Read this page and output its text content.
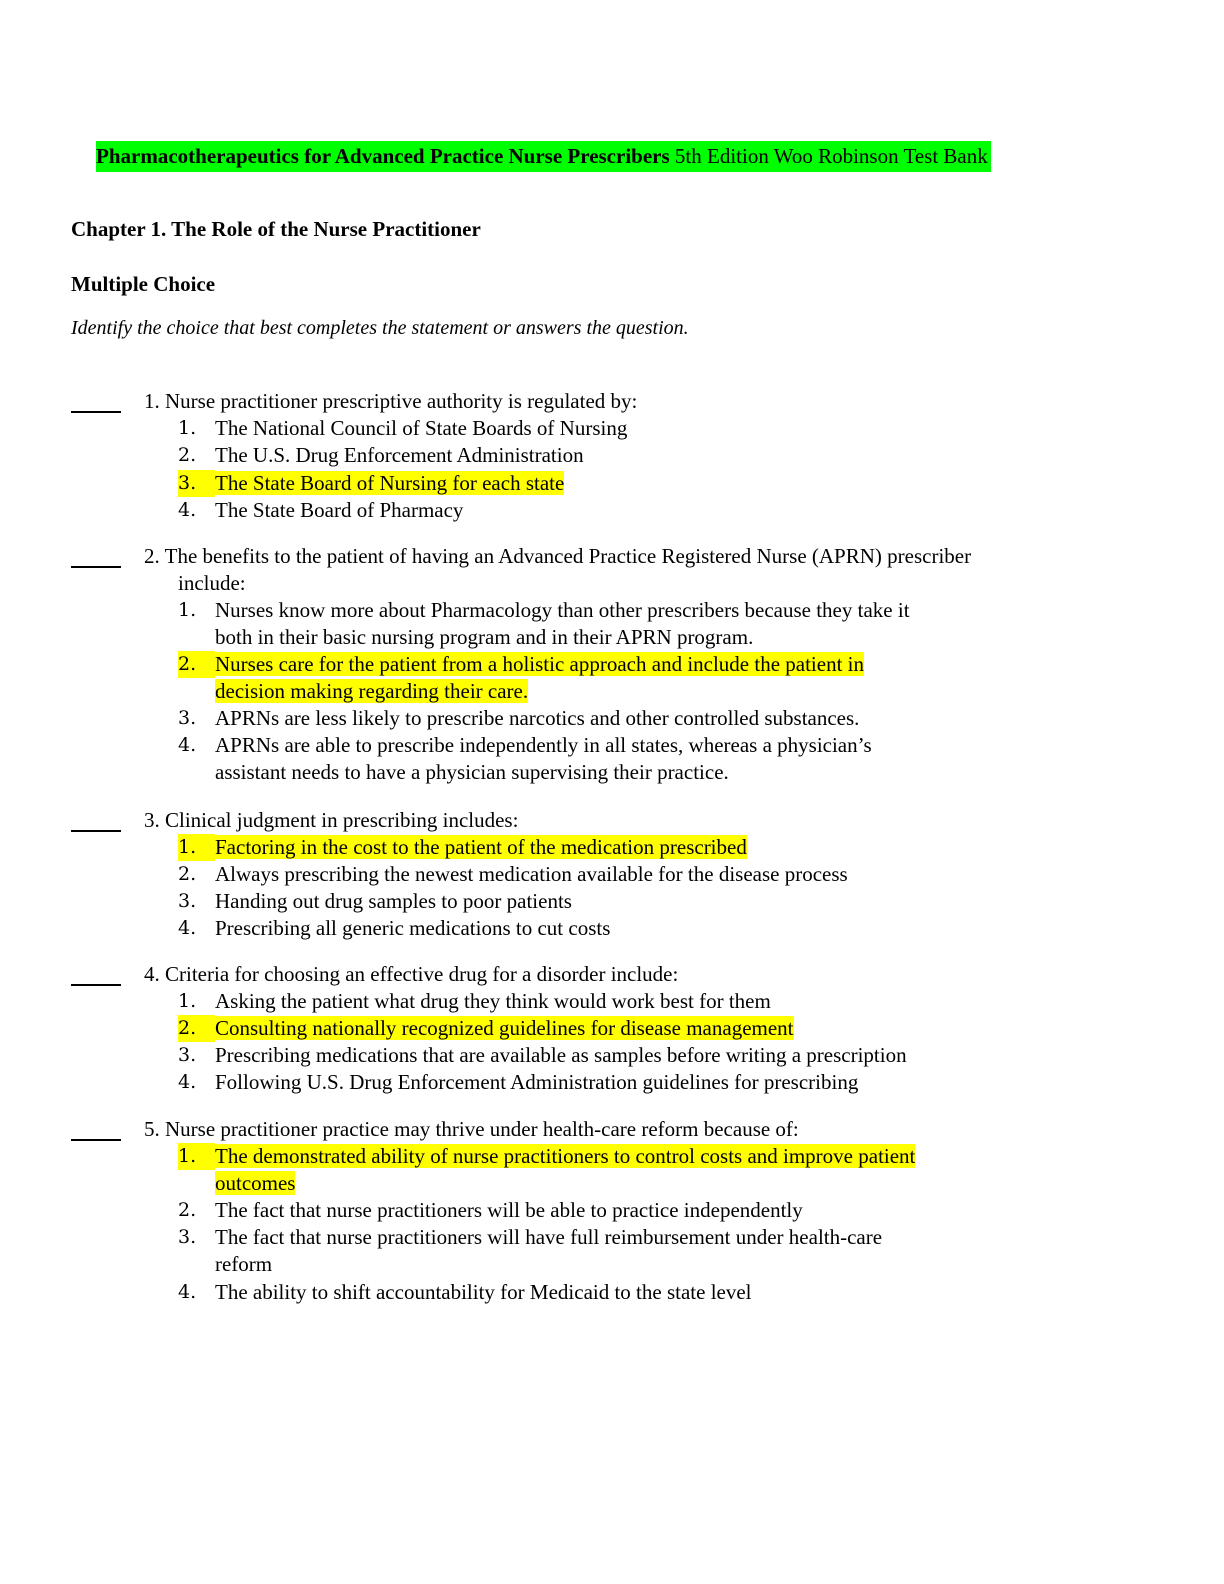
Pharmacotherapeutics for Advanced Practice Nurse Prescribers 5th Edition Woo Robinson Test Bank
Chapter 1. The Role of the Nurse Practitioner
Multiple Choice
Identify the choice that best completes the statement or answers the question.
1. Nurse practitioner prescriptive authority is regulated by:
1. The National Council of State Boards of Nursing
2. The U.S. Drug Enforcement Administration
3. The State Board of Nursing for each state
4. The State Board of Pharmacy
2. The benefits to the patient of having an Advanced Practice Registered Nurse (APRN) prescriber
include:
1. Nurses know more about Pharmacology than other prescribers because they take it
both in their basic nursing program and in their APRN program.
2. Nurses care for the patient from a holistic approach and include the patient in
decision making regarding their care.
3. APRNs are less likely to prescribe narcotics and other controlled substances.
4. APRNs are able to prescribe independently in all states, whereas a physician’s
assistant needs to have a physician supervising their practice.
3. Clinical judgment in prescribing includes:
1. Factoring in the cost to the patient of the medication prescribed
2. Always prescribing the newest medication available for the disease process
3. Handing out drug samples to poor patients
4. Prescribing all generic medications to cut costs
4. Criteria for choosing an effective drug for a disorder include:
1. Asking the patient what drug they think would work best for them
2. Consulting nationally recognized guidelines for disease management
3. Prescribing medications that are available as samples before writing a prescription
4. Following U.S. Drug Enforcement Administration guidelines for prescribing
5. Nurse practitioner practice may thrive under health-care reform because of:
1. The demonstrated ability of nurse practitioners to control costs and improve patient
outcomes
2. The fact that nurse practitioners will be able to practice independently
3. The fact that nurse practitioners will have full reimbursement under health-care
reform
4. The ability to shift accountability for Medicaid to the state level
